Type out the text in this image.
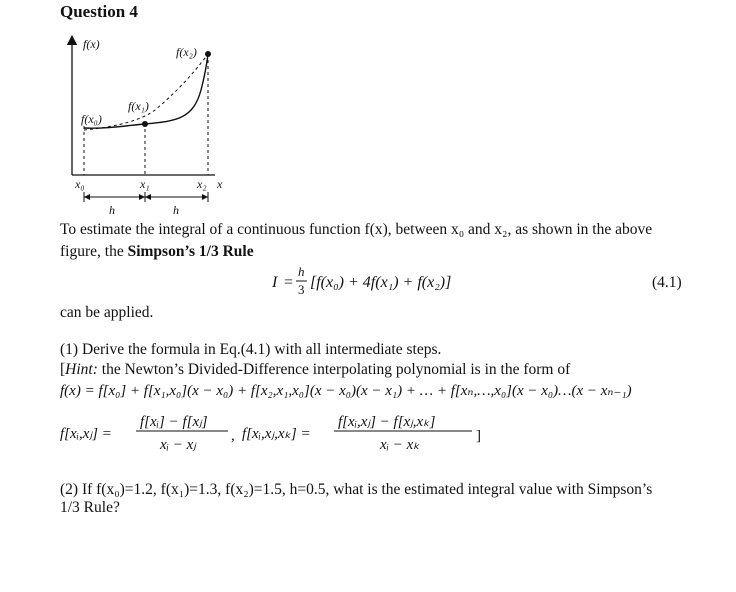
Question 4
f(x)
x
f(x₀)
f(x₁)
f(x₂)
x₀	x₁	x₂
h	h
To estimate the integral of a continuous function f(x), between x₀ and x₂, as shown in the above
figure, the Simpson’s 1/3 Rule
I =
h
3 [f(x₀) + 4f(x₁) + f(x₂)]	(4.1)
can be applied.
(1) Derive the formula in Eq.(4.1) with all intermediate steps.
[Hint: the Newton’s Divided-Difference interpolating polynomial is in the form of
f(x) = f[x₀] + f[x₁,x₀](x − x₀) + f[x₂,x₁,x₀](x − x₀)(x − x₁) + … + f[xₙ,…,x₀](x − x₀)…(x − xₙ₋₁)
f[xᵢ,xⱼ] =
f[xᵢ] − f[xⱼ]
xᵢ − xⱼ
, f[xᵢ,xⱼ,xₖ] =
f[xᵢ,xⱼ] − f[xⱼ,xₖ]
xᵢ − xₖ
]
(2) If f(x₀)=1.2, f(x₁)=1.3, f(x₂)=1.5, h=0.5, what is the estimated integral value with Simpson’s
1/3 Rule?
